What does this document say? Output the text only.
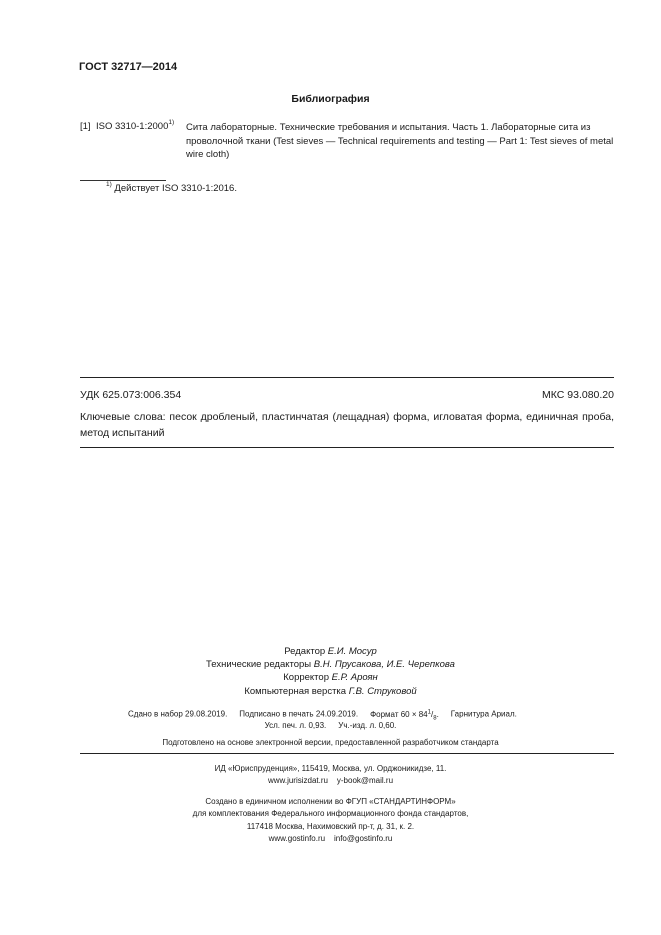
ГОСТ 32717—2014
Библиография
[1] ISO 3310-1:2000$^{1)}$ Сита лабораторные. Технические требования и испытания. Часть 1. Лабораторные сита из проволочной ткани (Test sieves — Technical requirements and testing — Part 1: Test sieves of metal wire cloth)
$^{1)}$ Действует ISO 3310-1:2016.
УДК 625.073:006.354	МКС 93.080.20
Ключевые слова: песок дробленый, пластинчатая (лещадная) форма, игловатая форма, единичная проба, метод испытаний
Редактор Е.И. Мосур
Технические редакторы В.Н. Прусакова, И.Е. Черепкова
Корректор Е.Р. Ароян
Компьютерная верстка Г.В. Струковой
Сдано в набор 29.08.2019. Подписано в печать 24.09.2019. Формат $60 \times 84^1/_8$. Гарнитура Ариал.
Усл. печ. л. 0,93. Уч.-изд. л. 0,60.
Подготовлено на основе электронной версии, предоставленной разработчиком стандарта
ИД «Юриспруденция», 115419, Москва, ул. Орджоникидзе, 11.
www.jurisizdat.ru y-book@mail.ru
Создано в единичном исполнении во ФГУП «СТАНДАРТИНФОРМ»
для комплектования Федерального информационного фонда стандартов,
117418 Москва, Нахимовский пр-т, д. 31, к. 2.
www.gostinfo.ru info@gostinfo.ru
